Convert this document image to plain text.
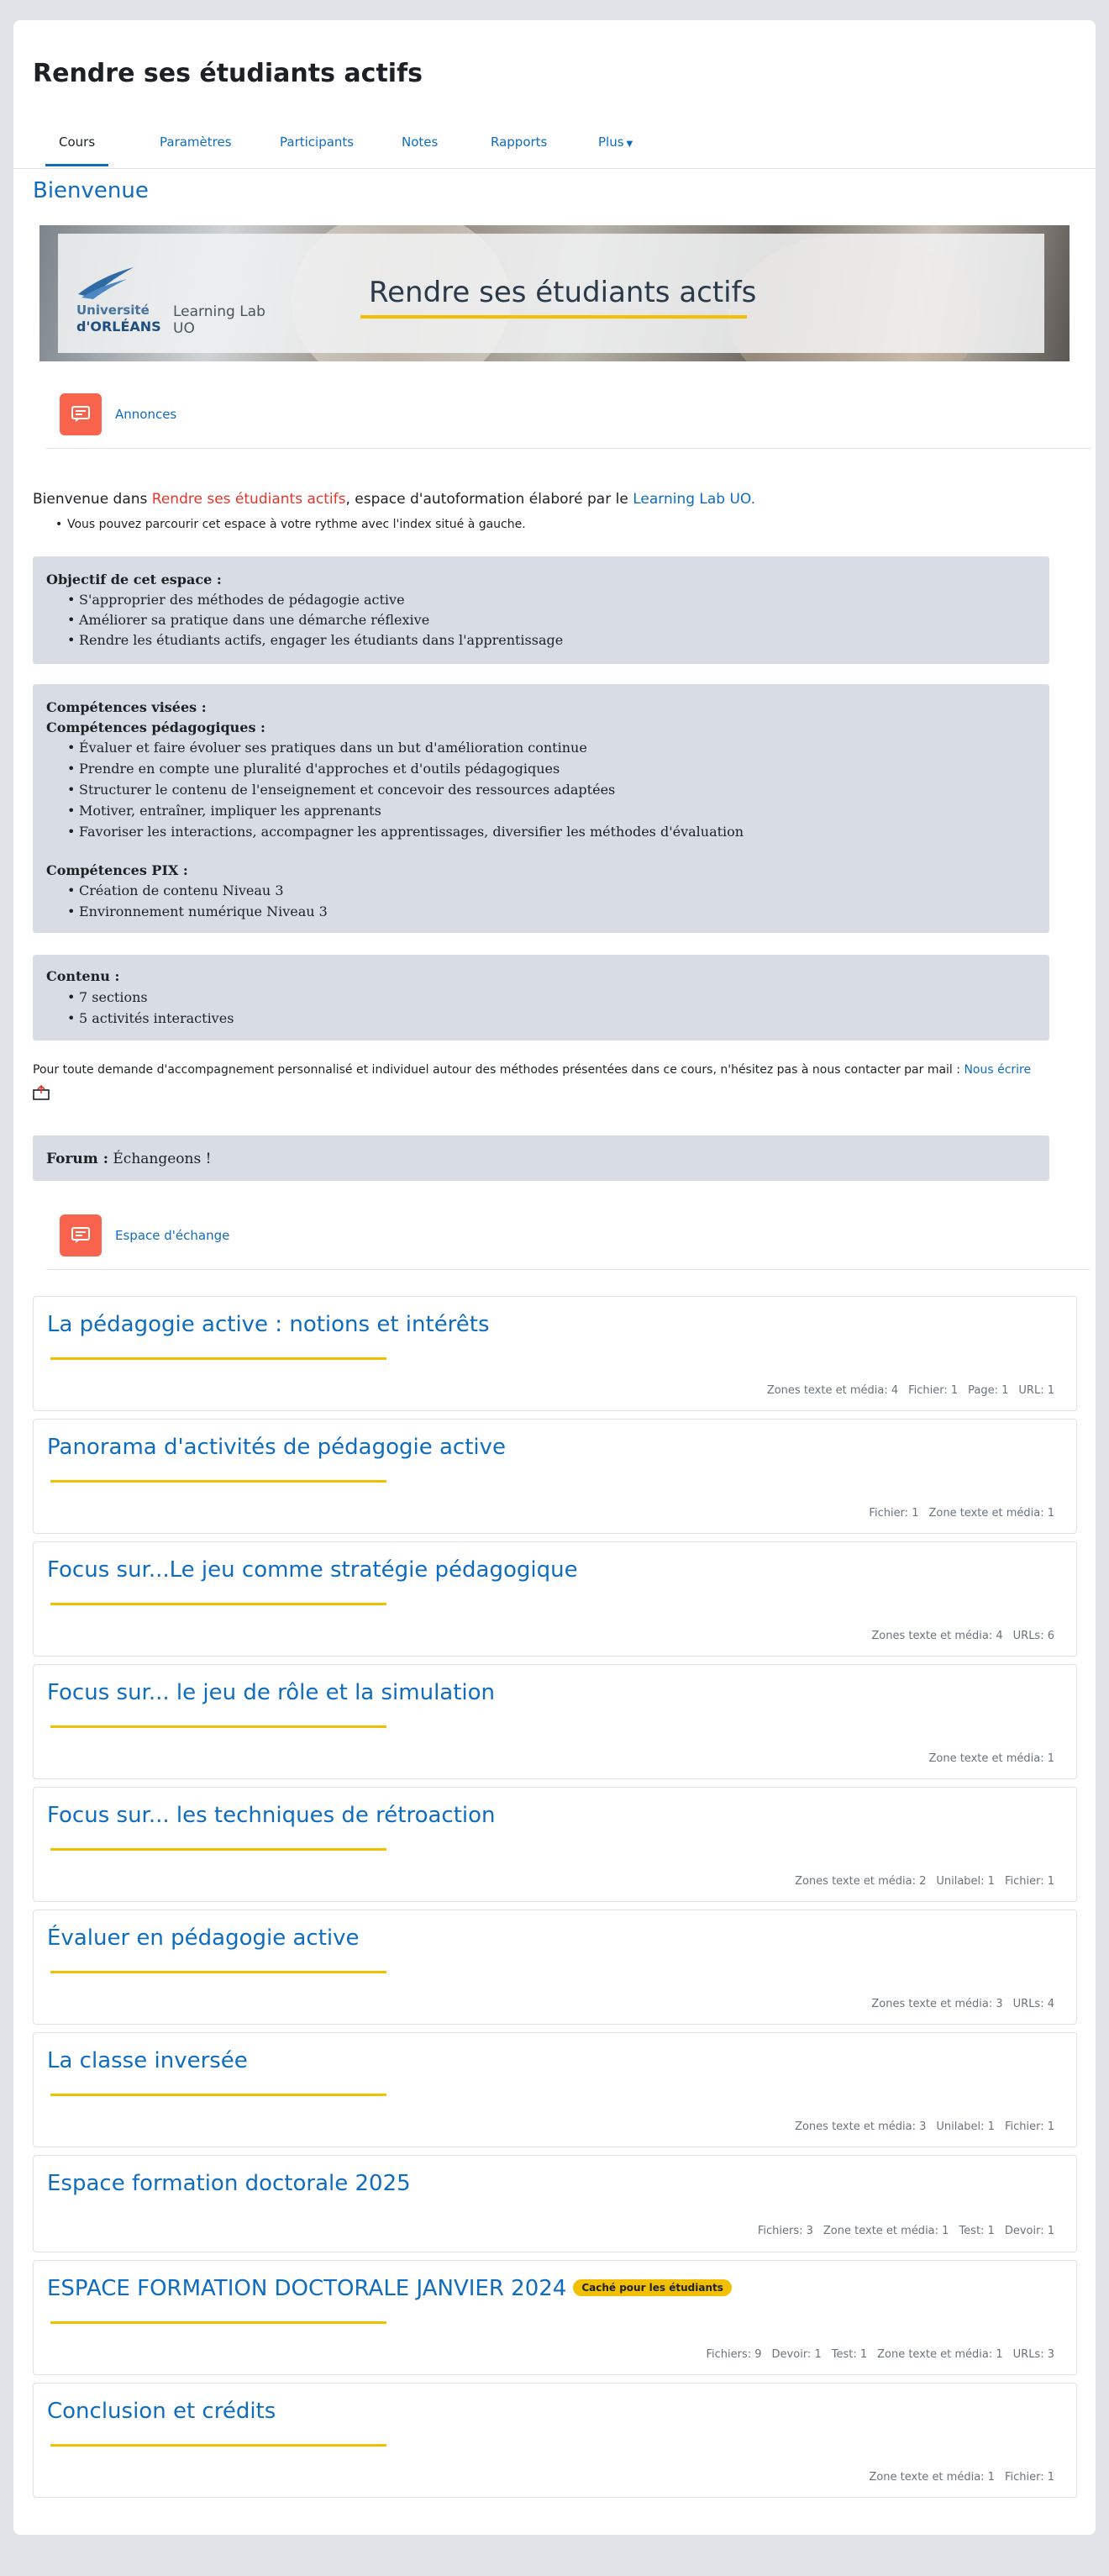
Rendre ses étudiants actifs
Cours	Paramètres	Participants	Notes	Rapports	Plus ▼
Bienvenue
Université
d'ORLÉANS
Learning Lab
UO
Rendre ses étudiants actifs
Annonces
Bienvenue dans Rendre ses étudiants actifs, espace d'autoformation élaboré par le Learning Lab UO.
• Vous pouvez parcourir cet espace à votre rythme avec l'index situé à gauche.
Objectif de cet espace :
• S'approprier des méthodes de pédagogie active
• Améliorer sa pratique dans une démarche réflexive
• Rendre les étudiants actifs, engager les étudiants dans l'apprentissage
Compétences visées :
Compétences pédagogiques :
• Évaluer et faire évoluer ses pratiques dans un but d'amélioration continue
• Prendre en compte une pluralité d'approches et d'outils pédagogiques
• Structurer le contenu de l'enseignement et concevoir des ressources adaptées
• Motiver, entraîner, impliquer les apprenants
• Favoriser les interactions, accompagner les apprentissages, diversifier les méthodes d'évaluation
Compétences PIX :
• Création de contenu Niveau 3
• Environnement numérique Niveau 3
Contenu :
• 7 sections
• 5 activités interactives
Pour toute demande d'accompagnement personnalisé et individuel autour des méthodes présentées dans ce cours, n'hésitez pas à nous contacter par mail : Nous écrire
Forum : Échangeons !
Espace d'échange
La pédagogie active : notions et intérêts
Zones texte et média: 4 Fichier: 1 Page: 1 URL: 1
Panorama d'activités de pédagogie active
Fichier: 1 Zone texte et média: 1
Focus sur...Le jeu comme stratégie pédagogique
Zones texte et média: 4 URLs: 6
Focus sur... le jeu de rôle et la simulation
Zone texte et média: 1
Focus sur... les techniques de rétroaction
Zones texte et média: 2 Unilabel: 1 Fichier: 1
Évaluer en pédagogie active
Zones texte et média: 3 URLs: 4
La classe inversée
Zones texte et média: 3 Unilabel: 1 Fichier: 1
Espace formation doctorale 2025
Fichiers: 3 Zone texte et média: 1 Test: 1 Devoir: 1
ESPACE FORMATION DOCTORALE JANVIER 2024 Caché pour les étudiants
Fichiers: 9 Devoir: 1 Test: 1 Zone texte et média: 1 URLs: 3
Conclusion et crédits
Zone texte et média: 1 Fichier: 1
